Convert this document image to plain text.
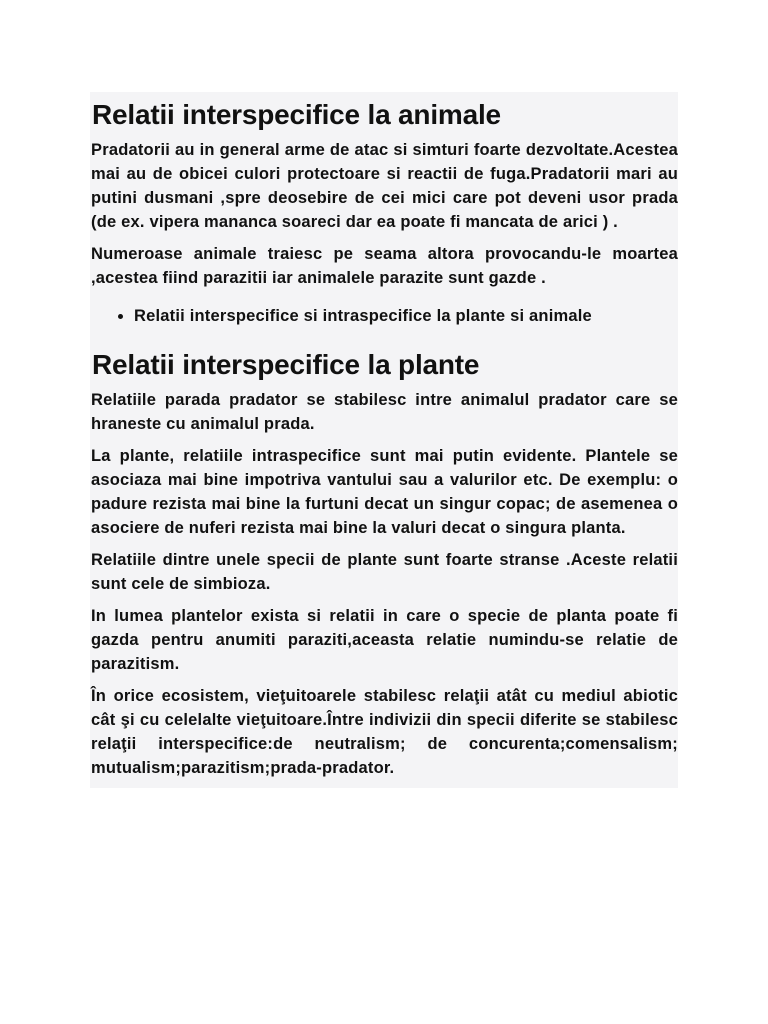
Relatii interspecifice la animale

Pradatorii au in general arme de atac si simturi foarte dezvoltate.Acestea mai au de obicei culori protectoare si reactii de fuga.Pradatorii mari au putini dusmani ,spre deosebire de cei mici care pot deveni usor prada (de ex. vipera mananca soareci dar ea poate fi mancata de arici ) .

Numeroase animale traiesc pe seama altora provocandu-le moartea ,acestea fiind parazitii iar animalele parazite sunt gazde .

• Relatii interspecifice si intraspecifice la plante si animale
Relatii interspecifice la plante

Relatiile parada pradator se stabilesc intre animalul pradator care se hraneste cu animalul prada.

La plante, relatiile intraspecifice sunt mai putin evidente. Plantele se asociaza mai bine impotriva vantului sau a valurilor etc. De exemplu: o padure rezista mai bine la furtuni decat un singur copac; de asemenea o asociere de nuferi rezista mai bine la valuri decat o singura planta.

Relatiile dintre unele specii de plante sunt foarte stranse .Aceste relatii sunt cele de simbioza.

In lumea plantelor exista si relatii in care o specie de planta poate fi gazda pentru anumiti paraziti,aceasta relatie numindu-se relatie de parazitism.

În orice ecosistem, vieţuitoarele stabilesc relaţii atât cu mediul abiotic cât şi cu celelalte vieţuitoare.Între indivizii din specii diferite se stabilesc relaţii interspecifice:de neutralism; de concurenta;comensalism; mutualism;parazitism;prada-pradator.
